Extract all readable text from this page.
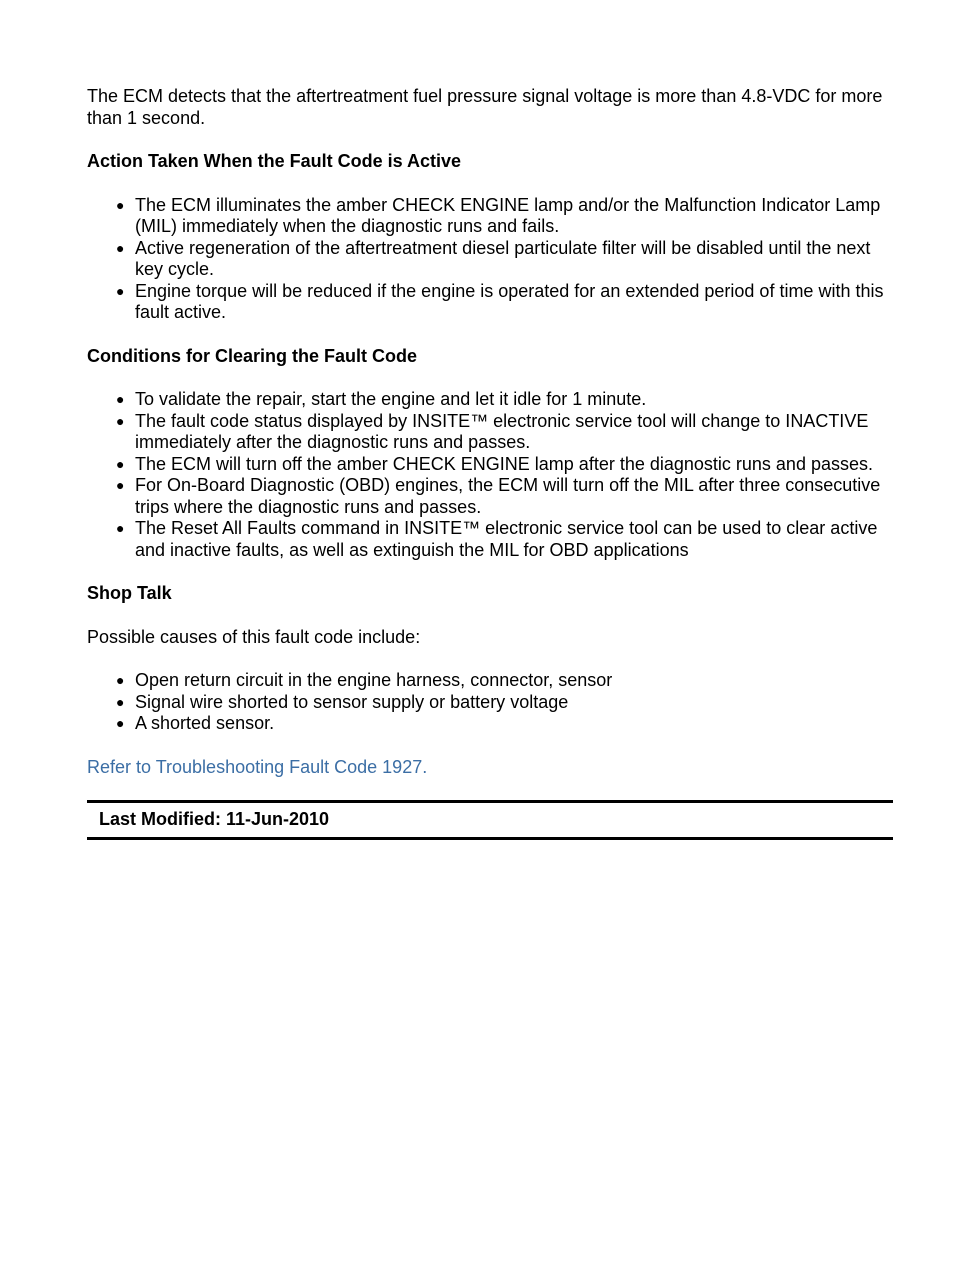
The ECM detects that the aftertreatment fuel pressure signal voltage is more than 4.8-VDC for more than 1 second.

Action Taken When the Fault Code is Active
● The ECM illuminates the amber CHECK ENGINE lamp and/or the Malfunction Indicator Lamp (MIL) immediately when the diagnostic runs and fails.
● Active regeneration of the aftertreatment diesel particulate filter will be disabled until the next key cycle.
● Engine torque will be reduced if the engine is operated for an extended period of time with this fault active.
Conditions for Clearing the Fault Code
● To validate the repair, start the engine and let it idle for 1 minute.
● The fault code status displayed by INSITE™ electronic service tool will change to INACTIVE immediately after the diagnostic runs and passes.
● The ECM will turn off the amber CHECK ENGINE lamp after the diagnostic runs and passes.
● For On-Board Diagnostic (OBD) engines, the ECM will turn off the MIL after three consecutive trips where the diagnostic runs and passes.
● The Reset All Faults command in INSITE™ electronic service tool can be used to clear active and inactive faults, as well as extinguish the MIL for OBD applications
Shop Talk

Possible causes of this fault code include:

● Open return circuit in the engine harness, connector, sensor
● Signal wire shorted to sensor supply or battery voltage
● A shorted sensor.
Refer to Troubleshooting Fault Code 1927.
Last Modified: 11-Jun-2010
